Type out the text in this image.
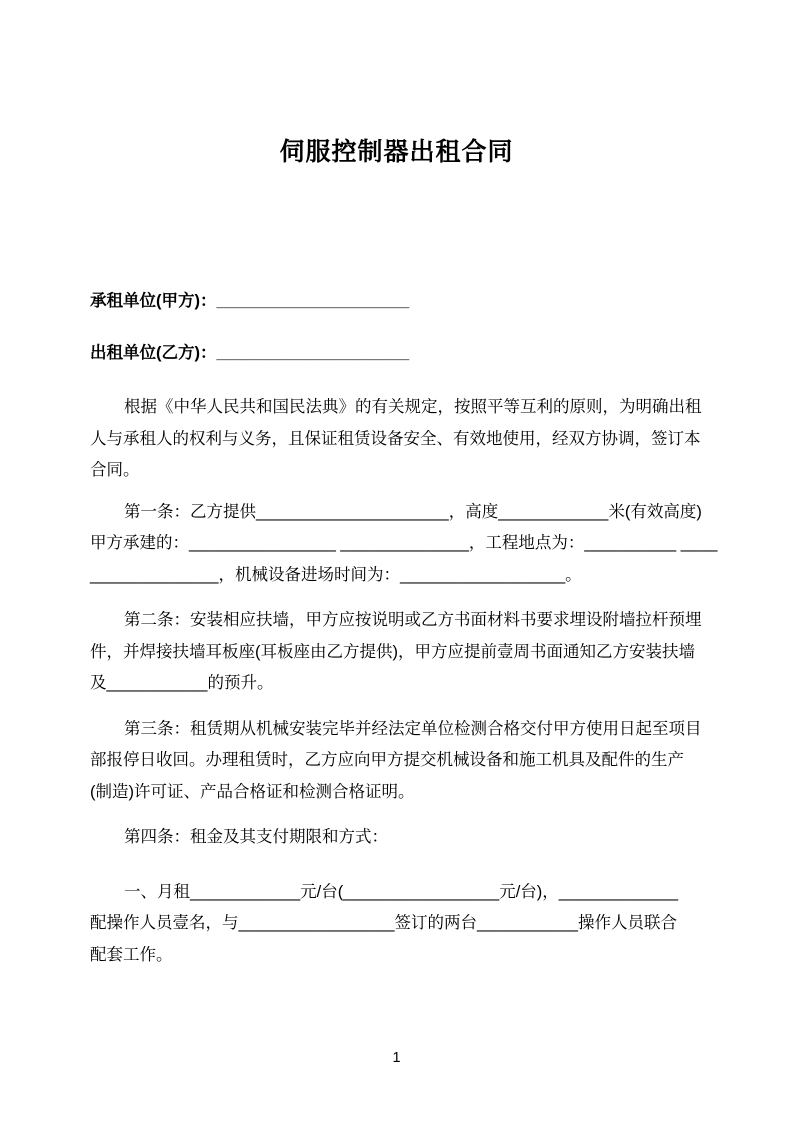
伺服控制器出租合同

承租单位(甲方)：_____________________

出租单位(乙方)：_____________________

根据《中华人民共和国民法典》的有关规定，按照平等互利的原则，为明确出租

人与承租人的权利与义务，且保证租赁设备安全、有效地使用，经双方协调，签订本

合同。

第一条：乙方提供_____________________，高度____________米(有效高度)

甲方承建的：________________ ______________，工程地点为：__________ ____

______________，机械设备进场时间为：__________________。

第二条：安装相应扶墙，甲方应按说明或乙方书面材料书要求埋设附墙拉杆预埋

件，并焊接扶墙耳板座(耳板座由乙方提供)，甲方应提前壹周书面通知乙方安装扶墙

及___________的预升。

第三条：租赁期从机械安装完毕并经法定单位检测合格交付甲方使用日起至项目

部报停日收回。办理租赁时，乙方应向甲方提交机械设备和施工机具及配件的生产

(制造)许可证、产品合格证和检测合格证明。

第四条：租金及其支付期限和方式：

一、月租____________元/台(_________________元/台)，_____________

配操作人员壹名，与_________________签订的两台___________操作人员联合

配套工作。

1
